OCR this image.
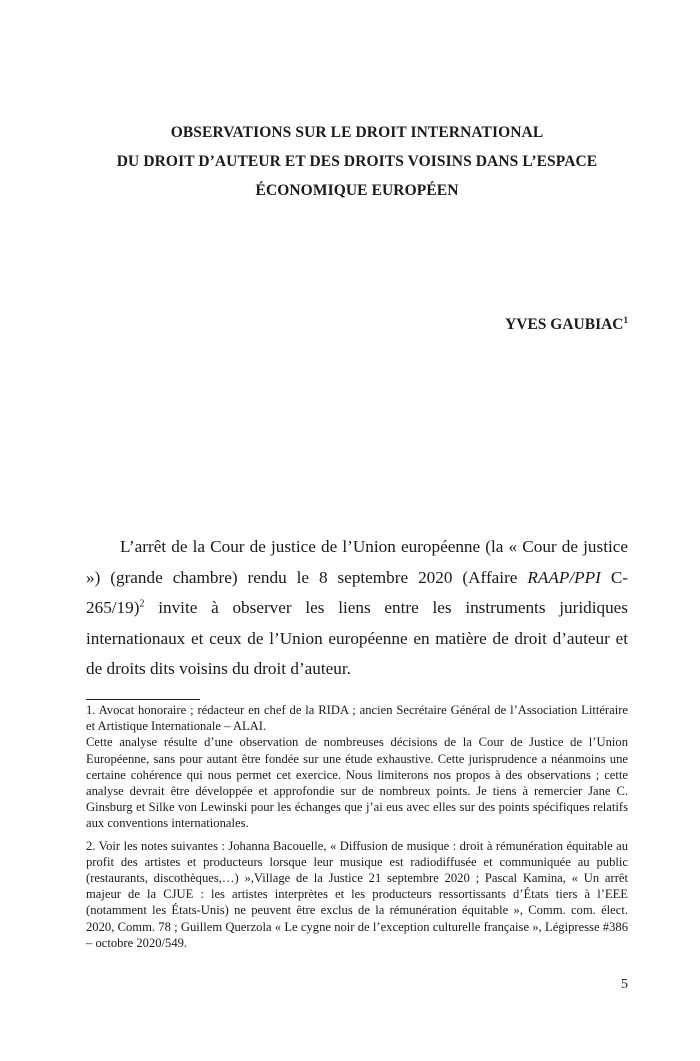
OBSERVATIONS SUR LE DROIT INTERNATIONAL
DU DROIT D’AUTEUR ET DES DROITS VOISINS DANS L’ESPACE
ÉCONOMIQUE EUROPÉEN
YVES GAUBIAC$^1$
L’arrêt de la Cour de justice de l’Union européenne (la « Cour de justice ») (grande chambre) rendu le 8 septembre 2020 (Affaire RAAP/PPI C-265/19)$^2$ invite à observer les liens entre les instruments juridiques internationaux et ceux de l’Union européenne en matière de droit d’auteur et de droits dits voisins du droit d’auteur.

1. Avocat honoraire ; rédacteur en chef de la RIDA ; ancien Secrétaire Général de l’Association Littéraire et Artistique Internationale – ALAI.

Cette analyse résulte d’une observation de nombreuses décisions de la Cour de Justice de l’Union Européenne, sans pour autant être fondée sur une étude exhaustive. Cette jurisprudence a néanmoins une certaine cohérence qui nous permet cet exercice. Nous limiterons nos propos à des observations ; cette analyse devrait être développée et approfondie sur de nombreux points. Je tiens à remercier Jane C. Ginsburg et Silke von Lewinski pour les échanges que j’ai eus avec elles sur des points spécifiques relatifs aux conventions internationales.

2. Voir les notes suivantes : Johanna Bacouelle, « Diffusion de musique : droit à rémunération équitable au profit des artistes et producteurs lorsque leur musique est radiodiffusée et communiquée au public (restaurants, discothèques,…) »,Village de la Justice 21 septembre 2020 ; Pascal Kamina, « Un arrêt majeur de la CJUE : les artistes interprètes et les producteurs ressortissants d’États tiers à l’EEE (notamment les États-Unis) ne peuvent être exclus de la rémunération équitable », Comm. com. élect. 2020, Comm. 78 ; Guillem Querzola « Le cygne noir de l’exception culturelle française », Légipresse #386 – octobre 2020/549.

5
